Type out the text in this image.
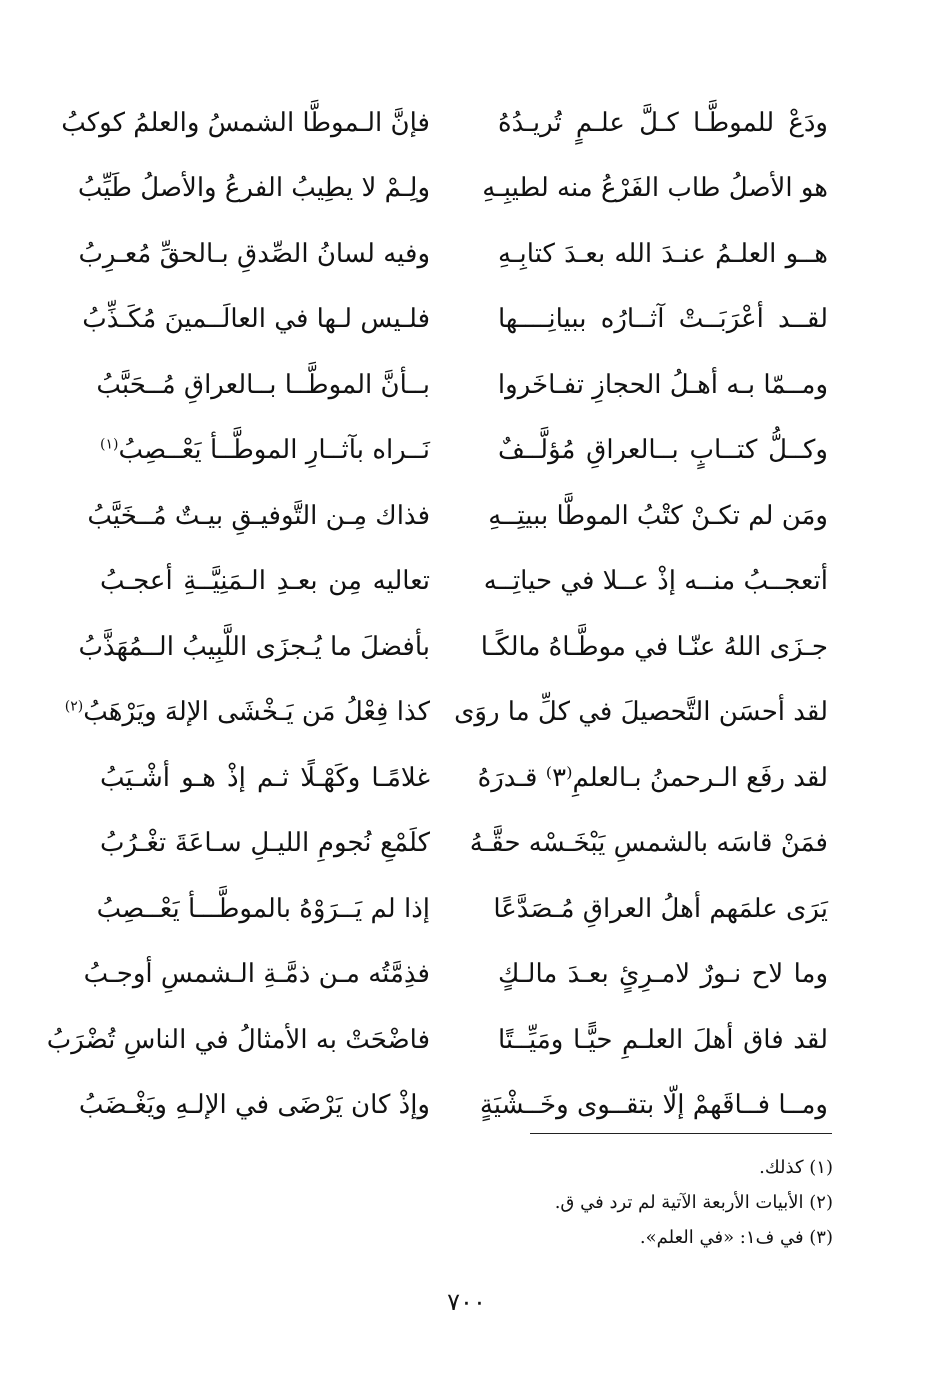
ودَعْ للموطَّـا كـلَّ علـمٍ تُريـدُهُ
فإنَّ الـموطَّا الشمسُ والعلمُ كوكبُ
هو الأصلُ طاب الفَرْعُ منه لطيبِـهِ
ولِـمْ لا يطِيبُ الفرعُ والأصلُ طَيِّبُ
هــو العلـمُ عنـدَ الله بعـدَ كتابِـهِ
وفيه لسانُ الصِّدقِ بـالحقِّ مُعـرِبُ
لقــد أعْرَبَــتْ آثــارُه ببيانِــــها
فلـيس لـها في العالَــمينَ مُكَـذِّبُ
ومــمّا بـه أهـلُ الحجازِ تفـاخَروا
بــأنَّ الموطَّــا بــالعراقِ مُــحَبَّبُ
وكــلُّ كتــابٍ بــالعراقِ مُؤلَّــفٌ
نَــراه بآثــارِ الموطَّــأ يَعْــصِبُ$^{(١)}$
ومَن لم تكـنْ كتْبُ الموطَّا ببيتِــهِ
فذاك مِـن التَّوفيـقِ بيـتٌ مُــخَيَّبُ
أتعجــبُ منــه إذْ عــلا في حياتِــه
تعاليه مِن بعـدِ الـمَنِيَّــةِ أعجـبُ
جـزَى اللهُ عنّـا في موطَّـاهُ مالكًـا
بأفضلَ ما يُـجزَى اللَّبِيبُ الــمُهَذَّبُ
لقد أحسَن التَّحصيلَ في كلِّ ما روَى
كذا فِعْلُ مَن يَـخْشَى الإلهَ ويَرْهَبُ$^{(٢)}$
لقد رفَع الـرحمنُ بـالعلمِ⁽٣⁾ قـدرَهُ
غلامًـا وكَهْـلًا ثـم إذْ هـو أشْـيَبُ
فمَنْ قاسَه بالشمسِ يَبْخَـسْه حقَّـهُ
كلَمْعِ نُجومِ الليـلِ سـاعَةَ تغْـرُبُ
يَرَى علمَهم أهلُ العراقِ مُـصَدَّعًا
إذا لم يَــرَوْهُ بالموطَّـــأ يَعْــصِبُ
وما لاح نـورٌ لامـرِئٍ بعـدَ مالـكٍ
فذِمَّتُه مـن ذمَّـةِ الـشمسِ أوجـبُ
لقد فاق أهلَ العلـمِ حيًّـا ومَيِّــتًا
فاضْحَتْ به الأمثالُ في الناسِ تُضْرَبُ
ومــا فــاقَهمْ إلّا بتقــوى وخَــشْيَةٍ
وإذْ كان يَرْضَى في الإلـهِ ويَغْـضَبُ
(١) كذلك.
(٢) الأبيات الأربعة الآتية لم ترد في ق.
(٣) في ف١: «في العلم».
٧٠٠
